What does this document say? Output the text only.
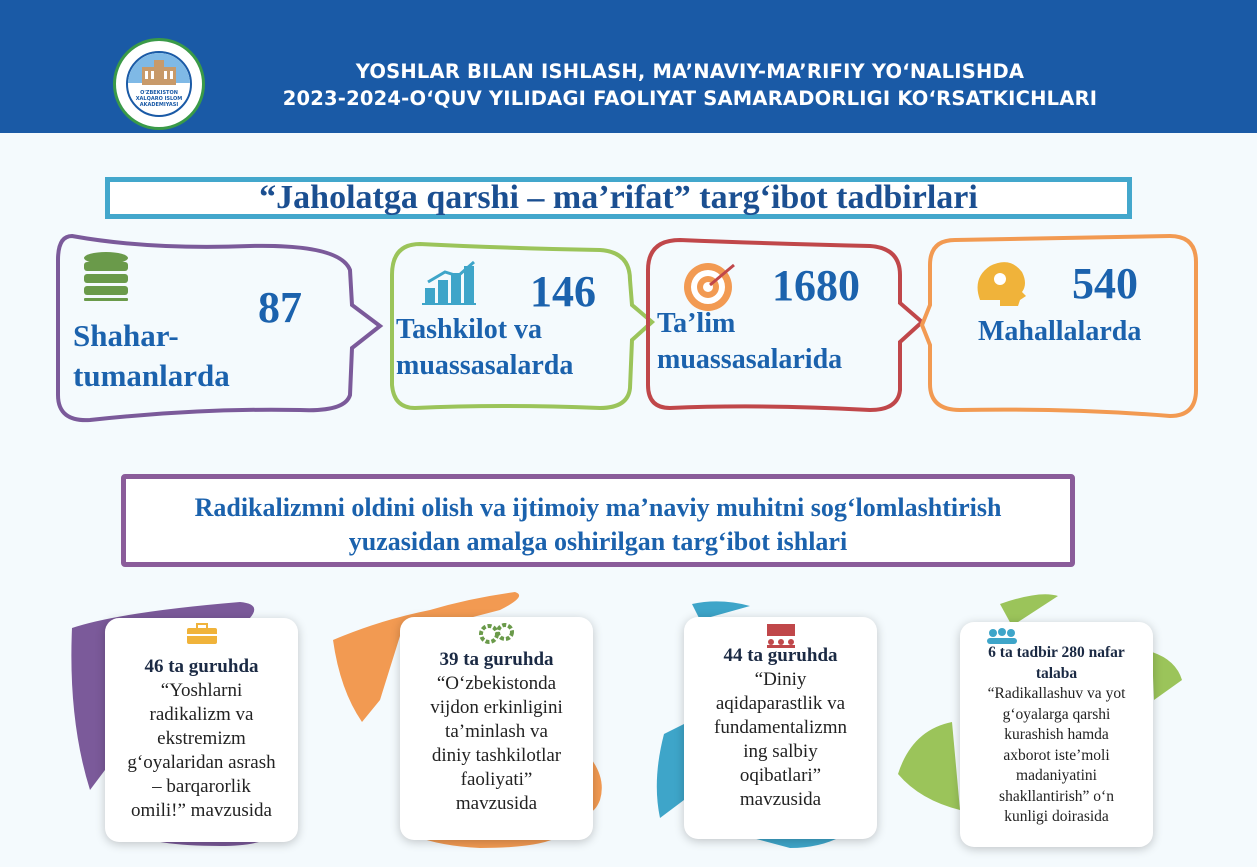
O'ZBEKISTON XALQARO ISLOM AKADEMIYASI
YOSHLAR BILAN ISHLASH, MA’NAVIY-MA’RIFIY YO‘NALISHDA
2023-2024-O‘QUV YILIDAGI FAOLIYAT SAMARADORLIGI KO‘RSATKICHLARI
“Jaholatga qarshi – ma’rifat” targ‘ibot tadbirlari
87
Shahar-
tumanlarda
146
Tashkilot va
muassasalarda
1680
Ta’lim
muassasalarida
540
Mahallalarda
Radikalizmni oldini olish va ijtimoiy ma’naviy muhitni sog‘lomlashtirish
yuzasidan amalga oshirilgan targ‘ibot ishlari
46 ta guruhda
“Yoshlarni
radikalizm va
ekstremizm
g‘oyalaridan asrash
– barqarorlik
omili!” mavzusida
39 ta guruhda
“O‘zbekistonda
vijdon erkinligini
ta’minlash va
diniy tashkilotlar
faoliyati”
mavzusida
44 ta guruhda
“Diniy
aqidaparastlik va
fundamentalizmn
ing salbiy
oqibatlari”
mavzusida
6 ta tadbir 280 nafar
talaba
“Radikallashuv va yot
g‘oyalarga qarshi
kurashish hamda
axborot iste’moli
madaniyatini
shakllantirish” o‘n
kunligi doirasida
